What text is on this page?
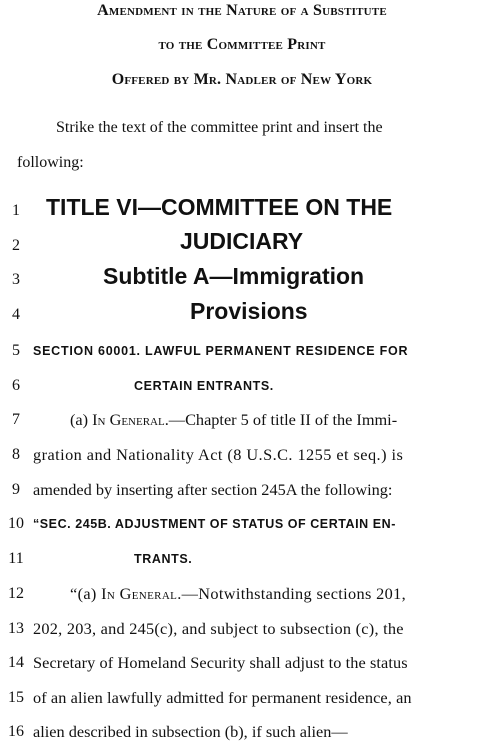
Amendment in the Nature of a Substitute
to the Committee Print
Offered by Mr. Nadler of New York
Strike the text of the committee print and insert the
following:
1 TITLE VI—COMMITTEE ON THE
2	JUDICIARY
3	Subtitle A—Immigration
4	Provisions
5	SECTION 60001. LAWFUL PERMANENT RESIDENCE FOR
6	CERTAIN ENTRANTS.
7	(a) In General.—Chapter 5 of title II of the Immi-
8 gration and Nationality Act (8 U.S.C. 1255 et seq.) is
9 amended by inserting after section 245A the following:
10 “SEC. 245B. ADJUSTMENT OF STATUS OF CERTAIN EN-
11	TRANTS.
12	“(a) In General.—Notwithstanding sections 201,
13 202, 203, and 245(c), and subject to subsection (c), the
14 Secretary of Homeland Security shall adjust to the status
15 of an alien lawfully admitted for permanent residence, an
16 alien described in subsection (b), if such alien—
